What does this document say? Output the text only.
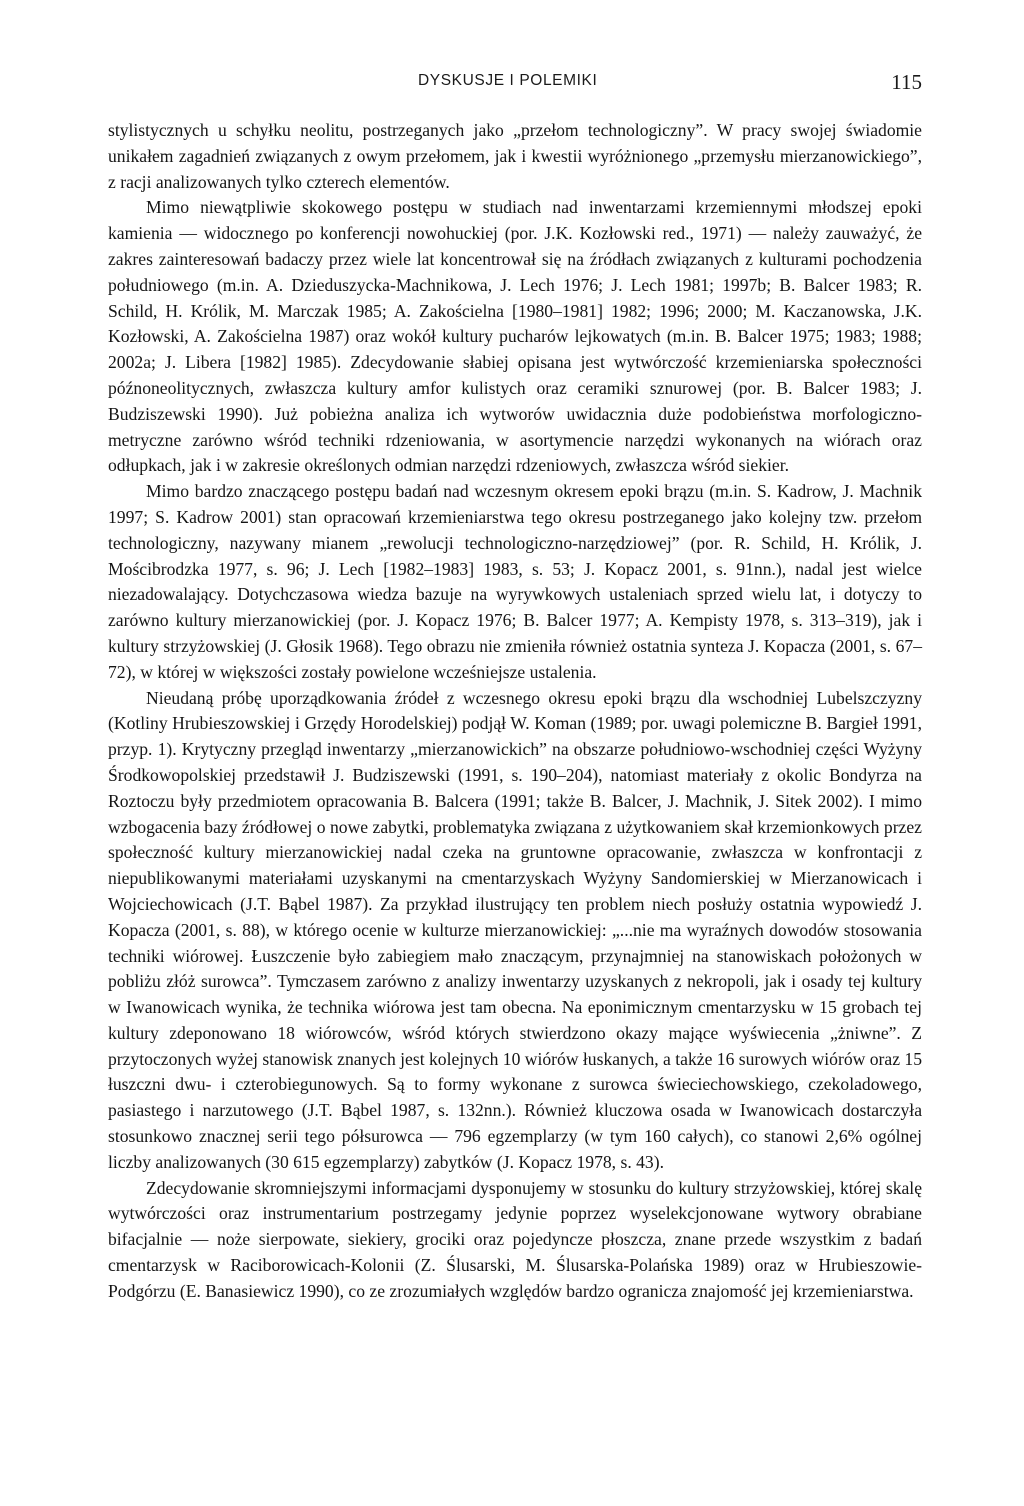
DYSKUSJE I POLEMIKI	115

stylistycznych u schyłku neolitu, postrzeganych jako „przełom technologiczny”. W pracy swojej świadomie unikałem zagadnień związanych z owym przełomem, jak i kwestii wyróżnionego „przemysłu mierzanowickiego”, z racji analizowanych tylko czterech elementów.

Mimo niewątpliwie skokowego postępu w studiach nad inwentarzami krzemiennymi młodszej epoki kamienia — widocznego po konferencji nowohuckiej (por. J.K. Kozłowski red., 1971) — należy zauważyć, że zakres zainteresowań badaczy przez wiele lat koncentrował się na źródłach związanych z kulturami pochodzenia południowego (m.in. A. Dzieduszycka-Machnikowa, J. Lech 1976; J. Lech 1981; 1997b; B. Balcer 1983; R. Schild, H. Królik, M. Marczak 1985; A. Zakościelna [1980–1981] 1982; 1996; 2000; M. Kaczanowska, J.K. Kozłowski, A. Zakościelna 1987) oraz wokół kultury pucharów lejkowatych (m.in. B. Balcer 1975; 1983; 1988; 2002a; J. Libera [1982] 1985). Zdecydowanie słabiej opisana jest wytwórczość krzemieniarska społeczności późnoneolitycznych, zwłaszcza kultury amfor kulistych oraz ceramiki sznurowej (por. B. Balcer 1983; J. Budziszewski 1990). Już pobieżna analiza ich wytworów uwidacznia duże podobieństwa morfologiczno-metryczne zarówno wśród techniki rdzeniowania, w asortymencie narzędzi wykonanych na wiórach oraz odłupkach, jak i w zakresie określonych odmian narzędzi rdzeniowych, zwłaszcza wśród siekier.

Mimo bardzo znaczącego postępu badań nad wczesnym okresem epoki brązu (m.in. S. Kadrow, J. Machnik 1997; S. Kadrow 2001) stan opracowań krzemieniarstwa tego okresu postrzeganego jako kolejny tzw. przełom technologiczny, nazywany mianem „rewolucji technologiczno-narzędziowej” (por. R. Schild, H. Królik, J. Mościbrodzka 1977, s. 96; J. Lech [1982–1983] 1983, s. 53; J. Kopacz 2001, s. 91nn.), nadal jest wielce niezadowalający. Dotychczasowa wiedza bazuje na wyrywkowych ustaleniach sprzed wielu lat, i dotyczy to zarówno kultury mierzanowickiej (por. J. Kopacz 1976; B. Balcer 1977; A. Kempisty 1978, s. 313–319), jak i kultury strzyżowskiej (J. Głosik 1968). Tego obrazu nie zmieniła również ostatnia synteza J. Kopacza (2001, s. 67–72), w której w większości zostały powielone wcześniejsze ustalenia.

Nieudaną próbę uporządkowania źródeł z wczesnego okresu epoki brązu dla wschodniej Lubelszczyzny (Kotliny Hrubieszowskiej i Grzędy Horodelskiej) podjął W. Koman (1989; por. uwagi polemiczne B. Bargieł 1991, przyp. 1). Krytyczny przegląd inwentarzy „mierzanowickich” na obszarze południowo-wschodniej części Wyżyny Środkowopolskiej przedstawił J. Budziszewski (1991, s. 190–204), natomiast materiały z okolic Bondyrza na Roztoczu były przedmiotem opracowania B. Balcera (1991; także B. Balcer, J. Machnik, J. Sitek 2002). I mimo wzbogacenia bazy źródłowej o nowe zabytki, problematyka związana z użytkowaniem skał krzemionkowych przez społeczność kultury mierzanowickiej nadal czeka na gruntowne opracowanie, zwłaszcza w konfrontacji z niepublikowanymi materiałami uzyskanymi na cmentarzyskach Wyżyny Sandomierskiej w Mierzanowicach i Wojciechowicach (J.T. Bąbel 1987). Za przykład ilustrujący ten problem niech posłuży ostatnia wypowiedź J. Kopacza (2001, s. 88), w którego ocenie w kulturze mierzanowickiej: „...nie ma wyraźnych dowodów stosowania techniki wiórowej. Łuszczenie było zabiegiem mało znaczącym, przynajmniej na stanowiskach położonych w pobliżu złóż surowca”. Tymczasem zarówno z analizy inwentarzy uzyskanych z nekropoli, jak i osady tej kultury w Iwanowicach wynika, że technika wiórowa jest tam obecna. Na eponimicznym cmentarzysku w 15 grobach tej kultury zdeponowano 18 wiórowców, wśród których stwierdzono okazy mające wyświecenia „żniwne”. Z przytoczonych wyżej stanowisk znanych jest kolejnych 10 wiórów łuskanych, a także 16 surowych wiórów oraz 15 łuszczni dwu- i czterobiegunowych. Są to formy wykonane z surowca świeciechowskiego, czekoladowego, pasiastego i narzutowego (J.T. Bąbel 1987, s. 132nn.). Również kluczowa osada w Iwanowicach dostarczyła stosunkowo znacznej serii tego półsurowca — 796 egzemplarzy (w tym 160 całych), co stanowi 2,6% ogólnej liczby analizowanych (30 615 egzemplarzy) zabytków (J. Kopacz 1978, s. 43).

Zdecydowanie skromniejszymi informacjami dysponujemy w stosunku do kultury strzyżowskiej, której skalę wytwórczości oraz instrumentarium postrzegamy jedynie poprzez wyselekcjonowane wytwory obrabiane bifacjalnie — noże sierpowate, siekiery, grociki oraz pojedyncze płoszcza, znane przede wszystkim z badań cmentarzysk w Raciborowicach-Kolonii (Z. Ślusarski, M. Ślusarska-Polańska 1989) oraz w Hrubieszowie-Podgórzu (E. Banasiewicz 1990), co ze zrozumiałych względów bardzo ogranicza znajomość jej krzemieniarstwa.
